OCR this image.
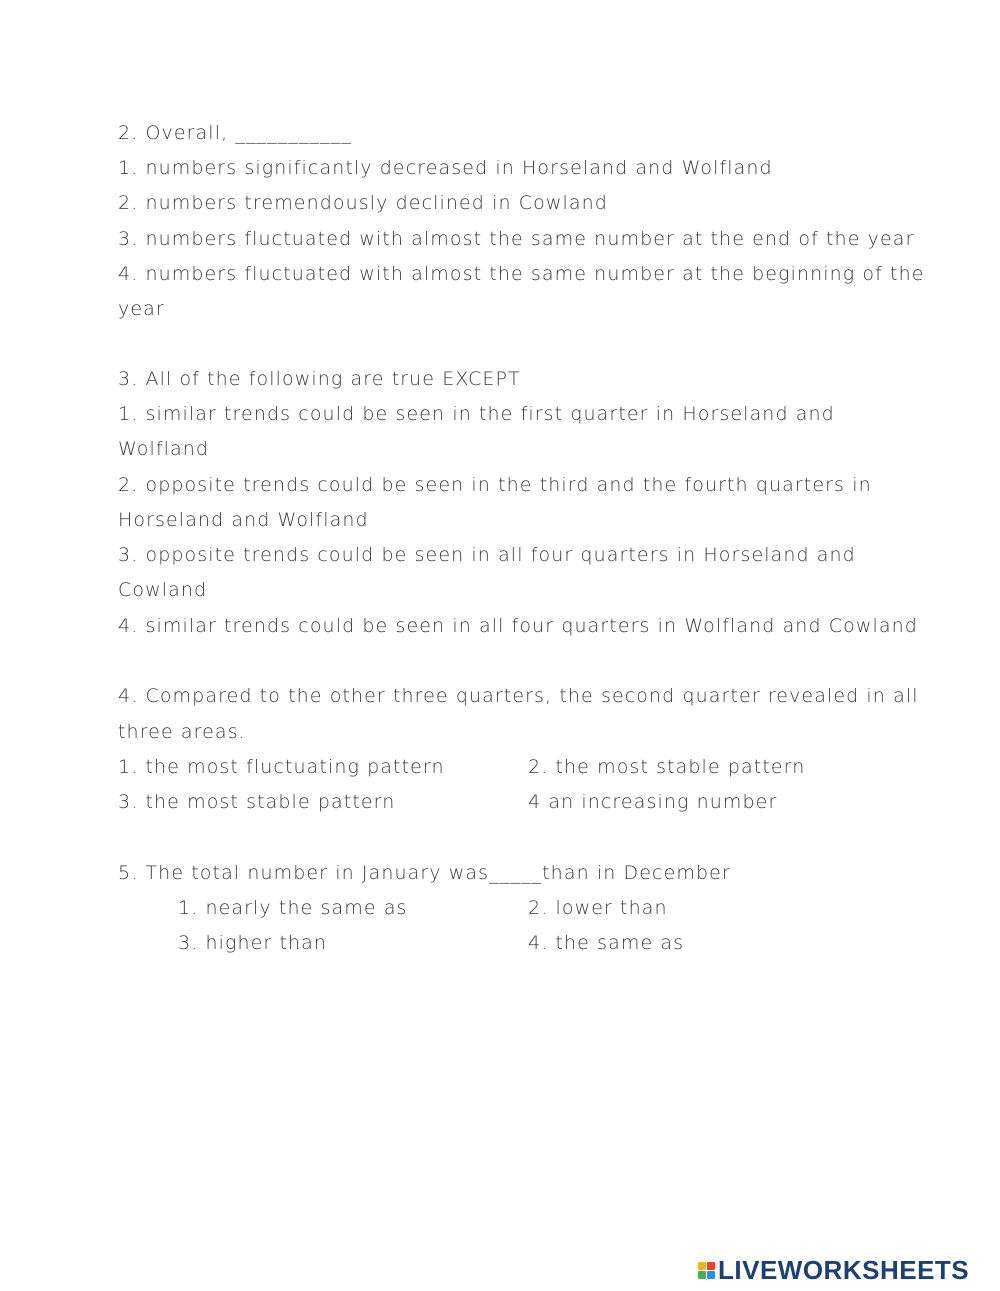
2. Overall, ___________
1. numbers significantly decreased in Horseland and Wolfland
2. numbers tremendously declined in Cowland
3. numbers fluctuated with almost the same number at the end of the year
4. numbers fluctuated with almost the same number at the beginning of the
year
3. All of the following are true EXCEPT
1. similar trends could be seen in the first quarter in Horseland and
Wolfland
2. opposite trends could be seen in the third and the fourth quarters in
Horseland and Wolfland
3. opposite trends could be seen in all four quarters in Horseland and
Cowland
4. similar trends could be seen in all four quarters in Wolfland and Cowland
4. Compared to the other three quarters, the second quarter revealed in all
three areas.
1. the most fluctuating pattern	2. the most stable pattern
3. the most stable pattern	4 an increasing number
5. The total number in January was_____than in December
1. nearly the same as	2. lower than
3. higher than	4. the same as
LIVEWORKSHEETS
